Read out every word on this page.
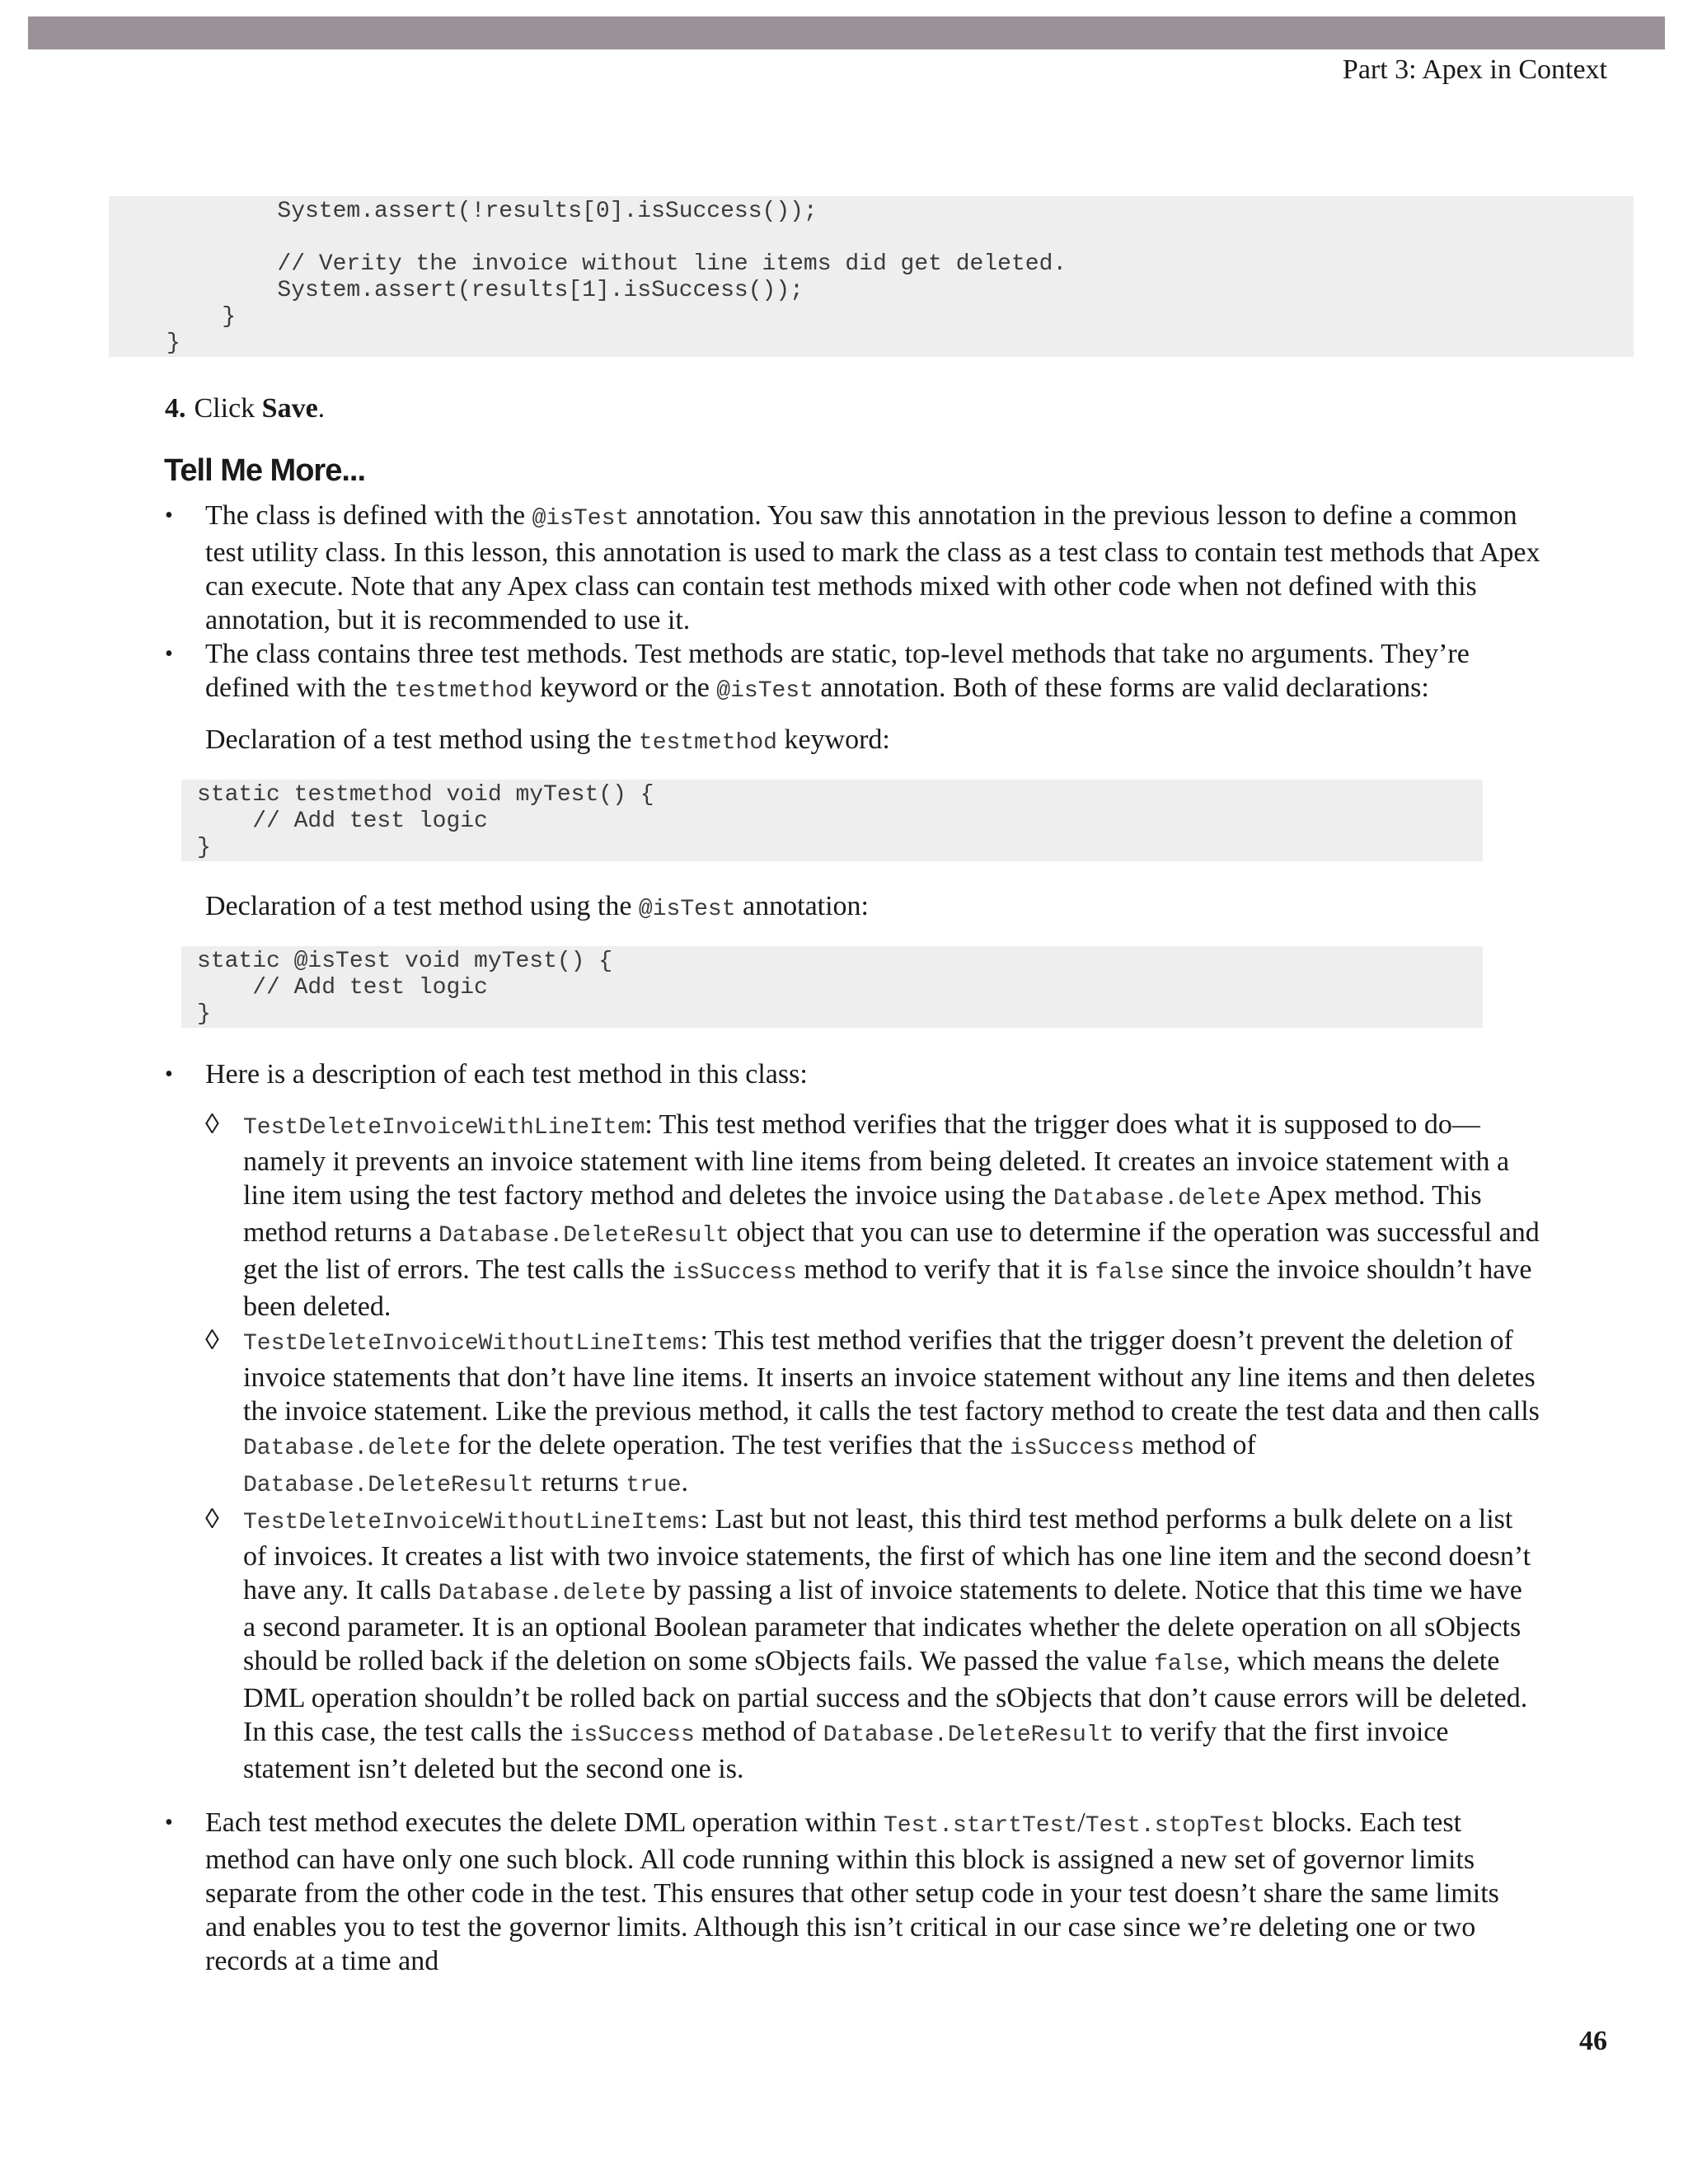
Part 3: Apex in Context
System.assert(!results[0].isSuccess());
// Verity the invoice without line items did get deleted.
System.assert(results[1].isSuccess());
}
}

4. Click Save.

Tell Me More...
• The class is defined with the @isTest annotation. You saw this annotation in the previous lesson to define a common test utility class. In this lesson, this annotation is used to mark the class as a test class to contain test methods that Apex can execute. Note that any Apex class can contain test methods mixed with other code when not defined with this annotation, but it is recommended to use it.
• The class contains three test methods. Test methods are static, top-level methods that take no arguments. They’re defined with the testmethod keyword or the @isTest annotation. Both of these forms are valid declarations:

Declaration of a test method using the testmethod keyword:

static testmethod void myTest() {
// Add test logic
}

Declaration of a test method using the @isTest annotation:

static @isTest void myTest() {
// Add test logic
}
• Here is a description of each test method in this class:
◊ TestDeleteInvoiceWithLineItem: This test method verifies that the trigger does what it is supposed to do—namely it prevents an invoice statement with line items from being deleted. It creates an invoice statement with a line item using the test factory method and deletes the invoice using the Database.delete Apex method. This method returns a Database.DeleteResult object that you can use to determine if the operation was successful and get the list of errors. The test calls the isSuccess method to verify that it is false since the invoice shouldn’t have been deleted.
◊ TestDeleteInvoiceWithoutLineItems: This test method verifies that the trigger doesn’t prevent the deletion of invoice statements that don’t have line items. It inserts an invoice statement without any line items and then deletes the invoice statement. Like the previous method, it calls the test factory method to create the test data and then calls Database.delete for the delete operation. The test verifies that the isSuccess method of Database.DeleteResult returns true.
◊ TestDeleteInvoiceWithoutLineItems: Last but not least, this third test method performs a bulk delete on a list of invoices. It creates a list with two invoice statements, the first of which has one line item and the second doesn’t have any. It calls Database.delete by passing a list of invoice statements to delete. Notice that this time we have a second parameter. It is an optional Boolean parameter that indicates whether the delete operation on all sObjects should be rolled back if the deletion on some sObjects fails. We passed the value false, which means the delete DML operation shouldn’t be rolled back on partial success and the sObjects that don’t cause errors will be deleted. In this case, the test calls the isSuccess method of Database.DeleteResult to verify that the first invoice statement isn’t deleted but the second one is.
• Each test method executes the delete DML operation within Test.startTest/Test.stopTest blocks. Each test method can have only one such block. All code running within this block is assigned a new set of governor limits separate from the other code in the test. This ensures that other setup code in your test doesn’t share the same limits and enables you to test the governor limits. Although this isn’t critical in our case since we’re deleting one or two records at a time and
46
